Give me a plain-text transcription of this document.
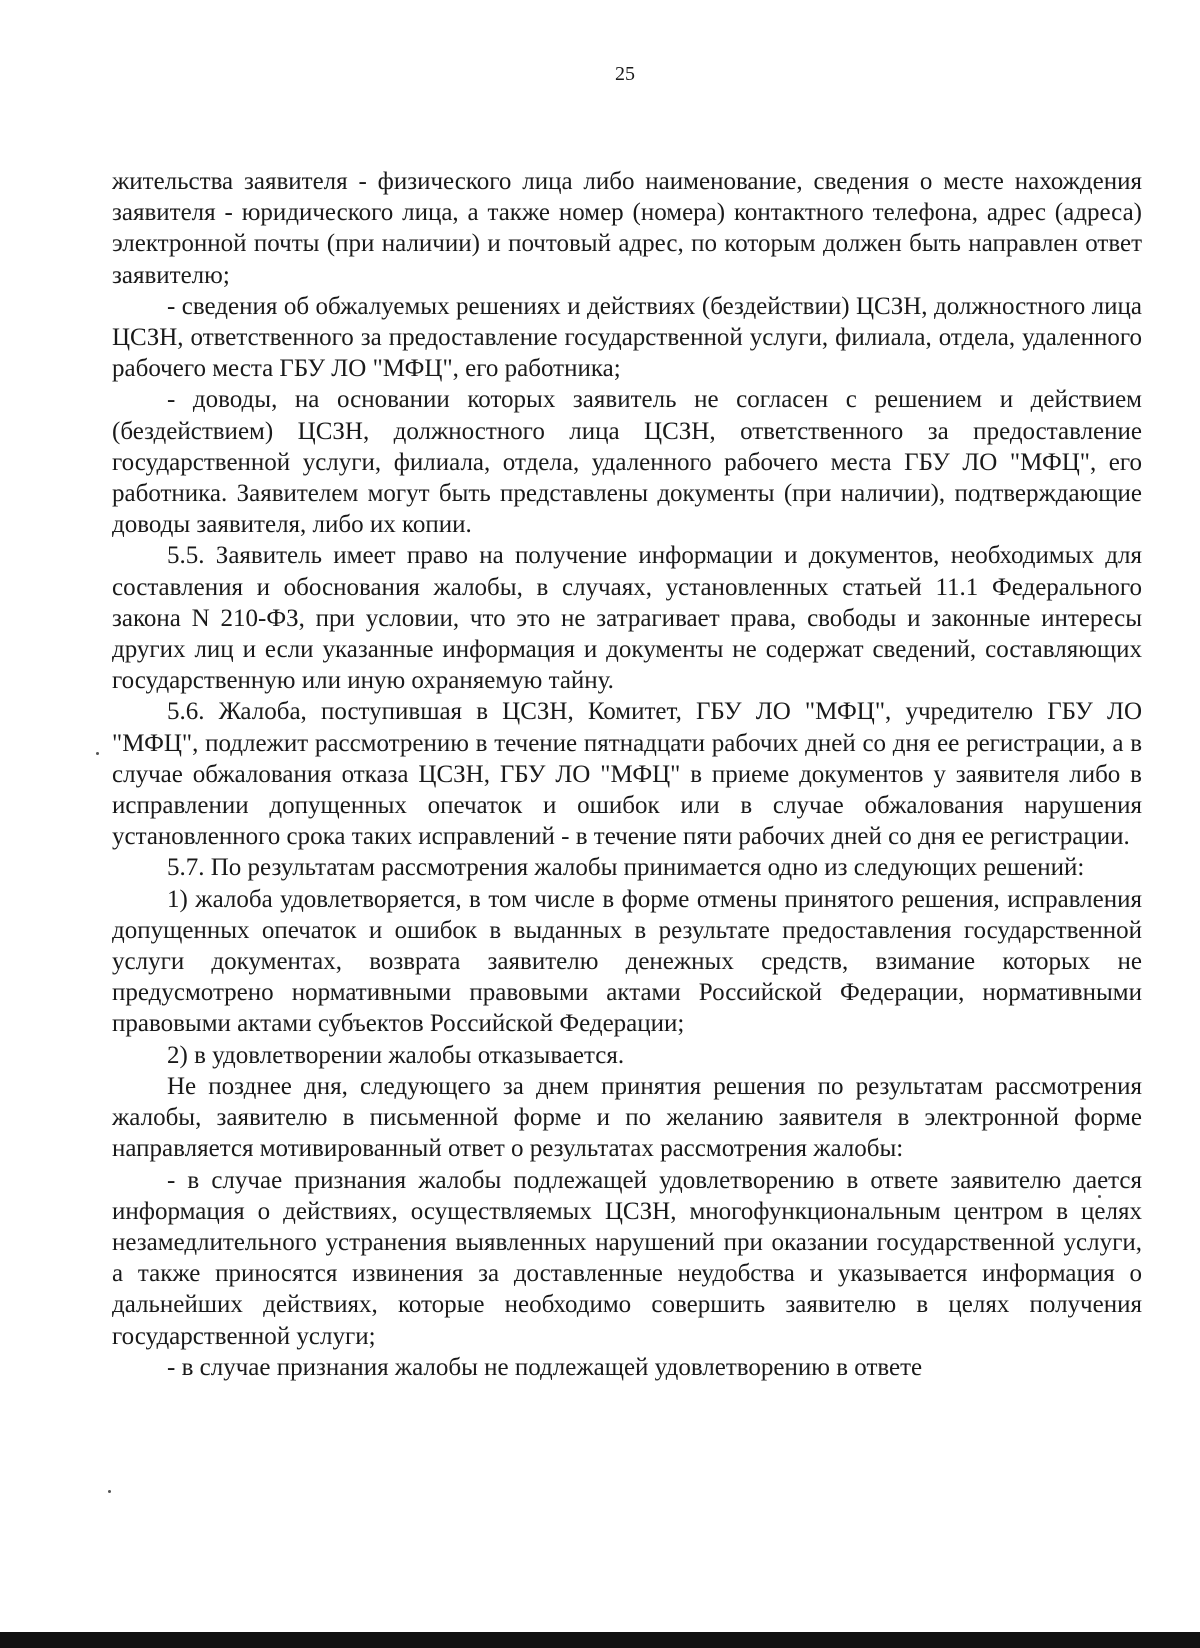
25

жительства заявителя - физического лица либо наименование, сведения о месте нахождения заявителя - юридического лица, а также номер (номера) контактного телефона, адрес (адреса) электронной почты (при наличии) и почтовый адрес, по которым должен быть направлен ответ заявителю;

- сведения об обжалуемых решениях и действиях (бездействии) ЦСЗН, должностного лица ЦСЗН, ответственного за предоставление государственной услуги, филиала, отдела, удаленного рабочего места ГБУ ЛО "МФЦ", его работника;

- доводы, на основании которых заявитель не согласен с решением и действием (бездействием) ЦСЗН, должностного лица ЦСЗН, ответственного за предоставление государственной услуги, филиала, отдела, удаленного рабочего места ГБУ ЛО "МФЦ", его работника. Заявителем могут быть представлены документы (при наличии), подтверждающие доводы заявителя, либо их копии.

5.5. Заявитель имеет право на получение информации и документов, необходимых для составления и обоснования жалобы, в случаях, установленных статьей 11.1 Федерального закона N 210-ФЗ, при условии, что это не затрагивает права, свободы и законные интересы других лиц и если указанные информация и документы не содержат сведений, составляющих государственную или иную охраняемую тайну.

5.6. Жалоба, поступившая в ЦСЗН, Комитет, ГБУ ЛО "МФЦ", учредителю ГБУ ЛО "МФЦ", подлежит рассмотрению в течение пятнадцати рабочих дней со дня ее регистрации, а в случае обжалования отказа ЦСЗН, ГБУ ЛО "МФЦ" в приеме документов у заявителя либо в исправлении допущенных опечаток и ошибок или в случае обжалования нарушения установленного срока таких исправлений - в течение пяти рабочих дней со дня ее регистрации.

5.7. По результатам рассмотрения жалобы принимается одно из следующих решений:

1) жалоба удовлетворяется, в том числе в форме отмены принятого решения, исправления допущенных опечаток и ошибок в выданных в результате предоставления государственной услуги документах, возврата заявителю денежных средств, взимание которых не предусмотрено нормативными правовыми актами Российской Федерации, нормативными правовыми актами субъектов Российской Федерации;

2) в удовлетворении жалобы отказывается.

Не позднее дня, следующего за днем принятия решения по результатам рассмотрения жалобы, заявителю в письменной форме и по желанию заявителя в электронной форме направляется мотивированный ответ о результатах рассмотрения жалобы:

- в случае признания жалобы подлежащей удовлетворению в ответе заявителю дается информация о действиях, осуществляемых ЦСЗН, многофункциональным центром в целях незамедлительного устранения выявленных нарушений при оказании государственной услуги, а также приносятся извинения за доставленные неудобства и указывается информация о дальнейших действиях, которые необходимо совершить заявителю в целях получения государственной услуги;

- в случае признания жалобы не подлежащей удовлетворению в ответе
